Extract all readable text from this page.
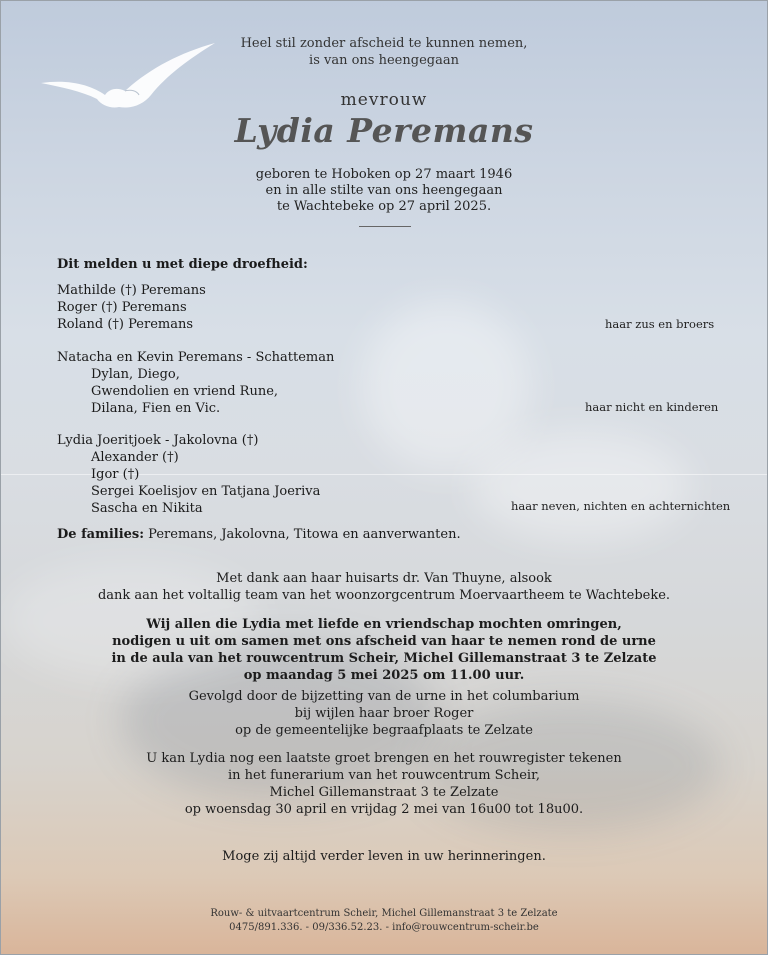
Heel stil zonder afscheid te kunnen nemen,
is van ons heengegaan
mevrouw
Lydia Peremans
geboren te Hoboken op 27 maart 1946
en in alle stilte van ons heengegaan
te Wachtebeke op 27 april 2025.
Dit melden u met diepe droefheid:
Mathilde (†) Peremans
Roger (†) Peremans
Roland (†) Peremans	haar zus en broers
Natacha en Kevin Peremans - Schatteman
Dylan, Diego,
Gwendolien en vriend Rune,
Dilana, Fien en Vic.	haar nicht en kinderen
Lydia Joeritjoek - Jakolovna (†)
Alexander (†)
Igor (†)
Sergei Koelisjov en Tatjana Joeriva
Sascha en Nikita	haar neven, nichten en achternichten
De families: Peremans, Jakolovna, Titowa en aanverwanten.
Met dank aan haar huisarts dr. Van Thuyne, alsook
dank aan het voltallig team van het woonzorgcentrum Moervaartheem te Wachtebeke.
Wij allen die Lydia met liefde en vriendschap mochten omringen,
nodigen u uit om samen met ons afscheid van haar te nemen rond de urne
in de aula van het rouwcentrum Scheir, Michel Gillemanstraat 3 te Zelzate
op maandag 5 mei 2025 om 11.00 uur.
Gevolgd door de bijzetting van de urne in het columbarium
bij wijlen haar broer Roger
op de gemeentelijke begraafplaats te Zelzate
U kan Lydia nog een laatste groet brengen en het rouwregister tekenen
in het funerarium van het rouwcentrum Scheir,
Michel Gillemanstraat 3 te Zelzate
op woensdag 30 april en vrijdag 2 mei van 16u00 tot 18u00.
Moge zij altijd verder leven in uw herinneringen.
Rouw- & uitvaartcentrum Scheir, Michel Gillemanstraat 3 te Zelzate
0475/891.336. - 09/336.52.23. - info@rouwcentrum-scheir.be
